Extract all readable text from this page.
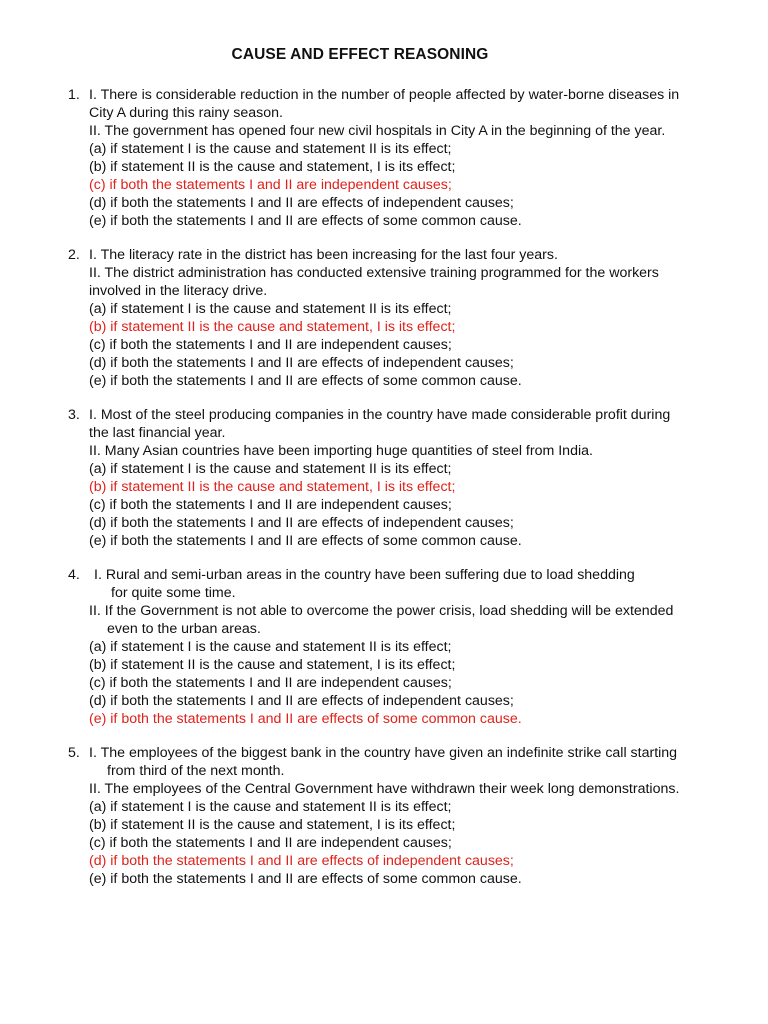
CAUSE AND EFFECT REASONING
1. I. There is considerable reduction in the number of people affected by water-borne diseases in
City A during this rainy season.
II. The government has opened four new civil hospitals in City A in the beginning of the year.
(a) if statement I is the cause and statement II is its effect;
(b) if statement II is the cause and statement, I is its effect;
(c) if both the statements I and II are independent causes;
(d) if both the statements I and II are effects of independent causes;
(e) if both the statements I and II are effects of some common cause.
2. I. The literacy rate in the district has been increasing for the last four years.
II. The district administration has conducted extensive training programmed for the workers
involved in the literacy drive.
(a) if statement I is the cause and statement II is its effect;
(b) if statement II is the cause and statement, I is its effect;
(c) if both the statements I and II are independent causes;
(d) if both the statements I and II are effects of independent causes;
(e) if both the statements I and II are effects of some common cause.
3. I. Most of the steel producing companies in the country have made considerable profit during
the last financial year.
II. Many Asian countries have been importing huge quantities of steel from India.
(a) if statement I is the cause and statement II is its effect;
(b) if statement II is the cause and statement, I is its effect;
(c) if both the statements I and II are independent causes;
(d) if both the statements I and II are effects of independent causes;
(e) if both the statements I and II are effects of some common cause.
4. I. Rural and semi-urban areas in the country have been suffering due to load shedding
for quite some time.
II. If the Government is not able to overcome the power crisis, load shedding will be extended
even to the urban areas.
(a) if statement I is the cause and statement II is its effect;
(b) if statement II is the cause and statement, I is its effect;
(c) if both the statements I and II are independent causes;
(d) if both the statements I and II are effects of independent causes;
(e) if both the statements I and II are effects of some common cause.
5. I. The employees of the biggest bank in the country have given an indefinite strike call starting
from third of the next month.
II. The employees of the Central Government have withdrawn their week long demonstrations.
(a) if statement I is the cause and statement II is its effect;
(b) if statement II is the cause and statement, I is its effect;
(c) if both the statements I and II are independent causes;
(d) if both the statements I and II are effects of independent causes;
(e) if both the statements I and II are effects of some common cause.
